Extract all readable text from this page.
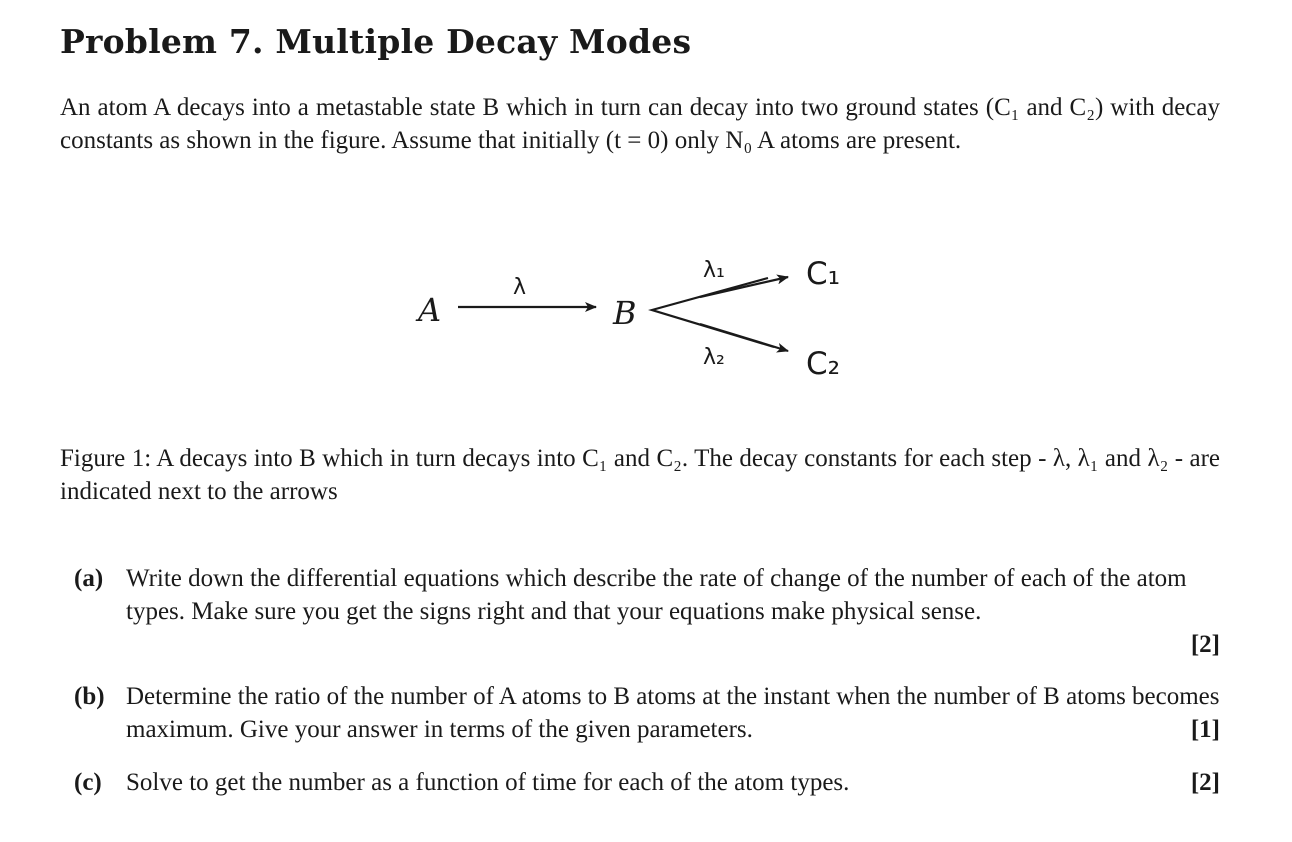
Problem 7. Multiple Decay Modes

An atom A decays into a metastable state B which in turn can decay into two ground states (C₁ and C₂) with decay constants as shown in the figure. Assume that initially (t = 0) only N₀ A atoms are present.

A
λ
B
λ₁
λ₂
C₁
C₂

Figure 1: A decays into B which in turn decays into C₁ and C₂. The decay constants for each step - λ, λ₁ and λ₂ - are indicated next to the arrows

(a) Write down the differential equations which describe the rate of change of the number of each of the atom types. Make sure you get the signs right and that your equations make physical sense.
[2]
(b) Determine the ratio of the number of A atoms to B atoms at the instant when the number of B atoms becomes maximum. Give your answer in terms of the given parameters.	[1]
(c) Solve to get the number as a function of time for each of the atom types.	[2]
